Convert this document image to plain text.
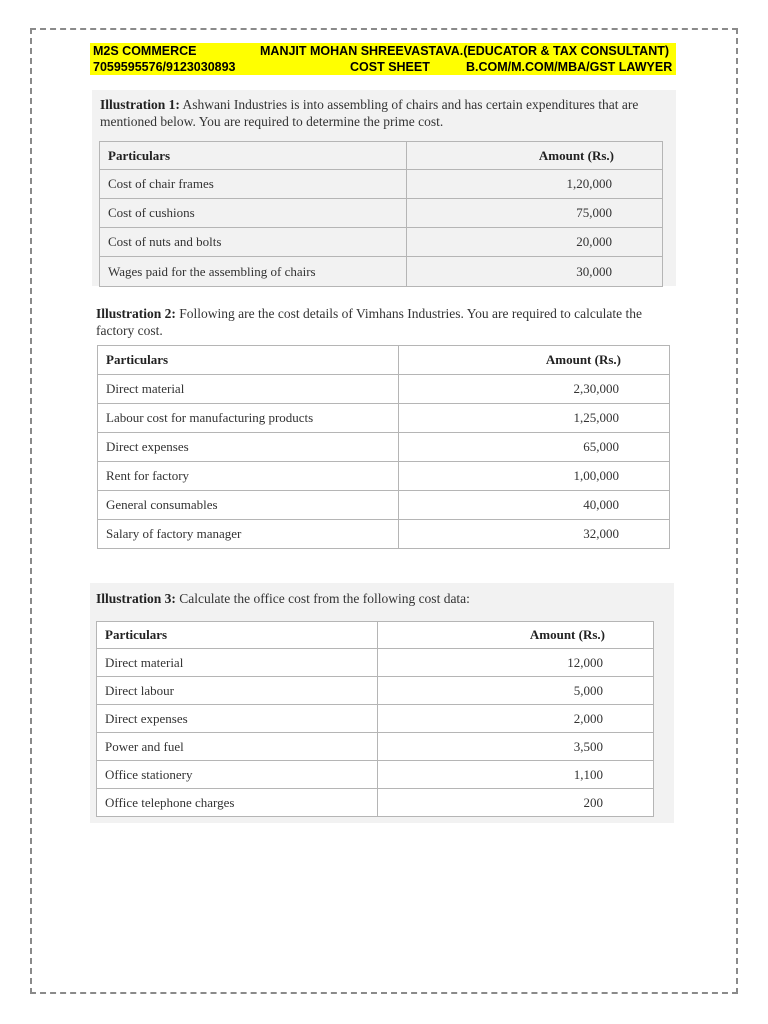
M2S COMMERCE	MANJIT MOHAN SHREEVASTAVA.(EDUCATOR & TAX CONSULTANT)
7059595576/9123030893	COST SHEET	B.COM/M.COM/MBA/GST LAWYER

Illustration 1: Ashwani Industries is into assembling of chairs and has certain expenditures that are mentioned below. You are required to determine the prime cost.

Particulars	Amount (Rs.)
Cost of chair frames	1,20,000
Cost of cushions	75,000
Cost of nuts and bolts	20,000
Wages paid for the assembling of chairs	30,000

Illustration 2: Following are the cost details of Vimhans Industries. You are required to calculate the factory cost.

Particulars	Amount (Rs.)
Direct material	2,30,000
Labour cost for manufacturing products	1,25,000
Direct expenses	65,000
Rent for factory	1,00,000
General consumables	40,000
Salary of factory manager	32,000

Illustration 3: Calculate the office cost from the following cost data:

Particulars	Amount (Rs.)
Direct material	12,000
Direct labour	5,000
Direct expenses	2,000
Power and fuel	3,500
Office stationery	1,100
Office telephone charges	200
